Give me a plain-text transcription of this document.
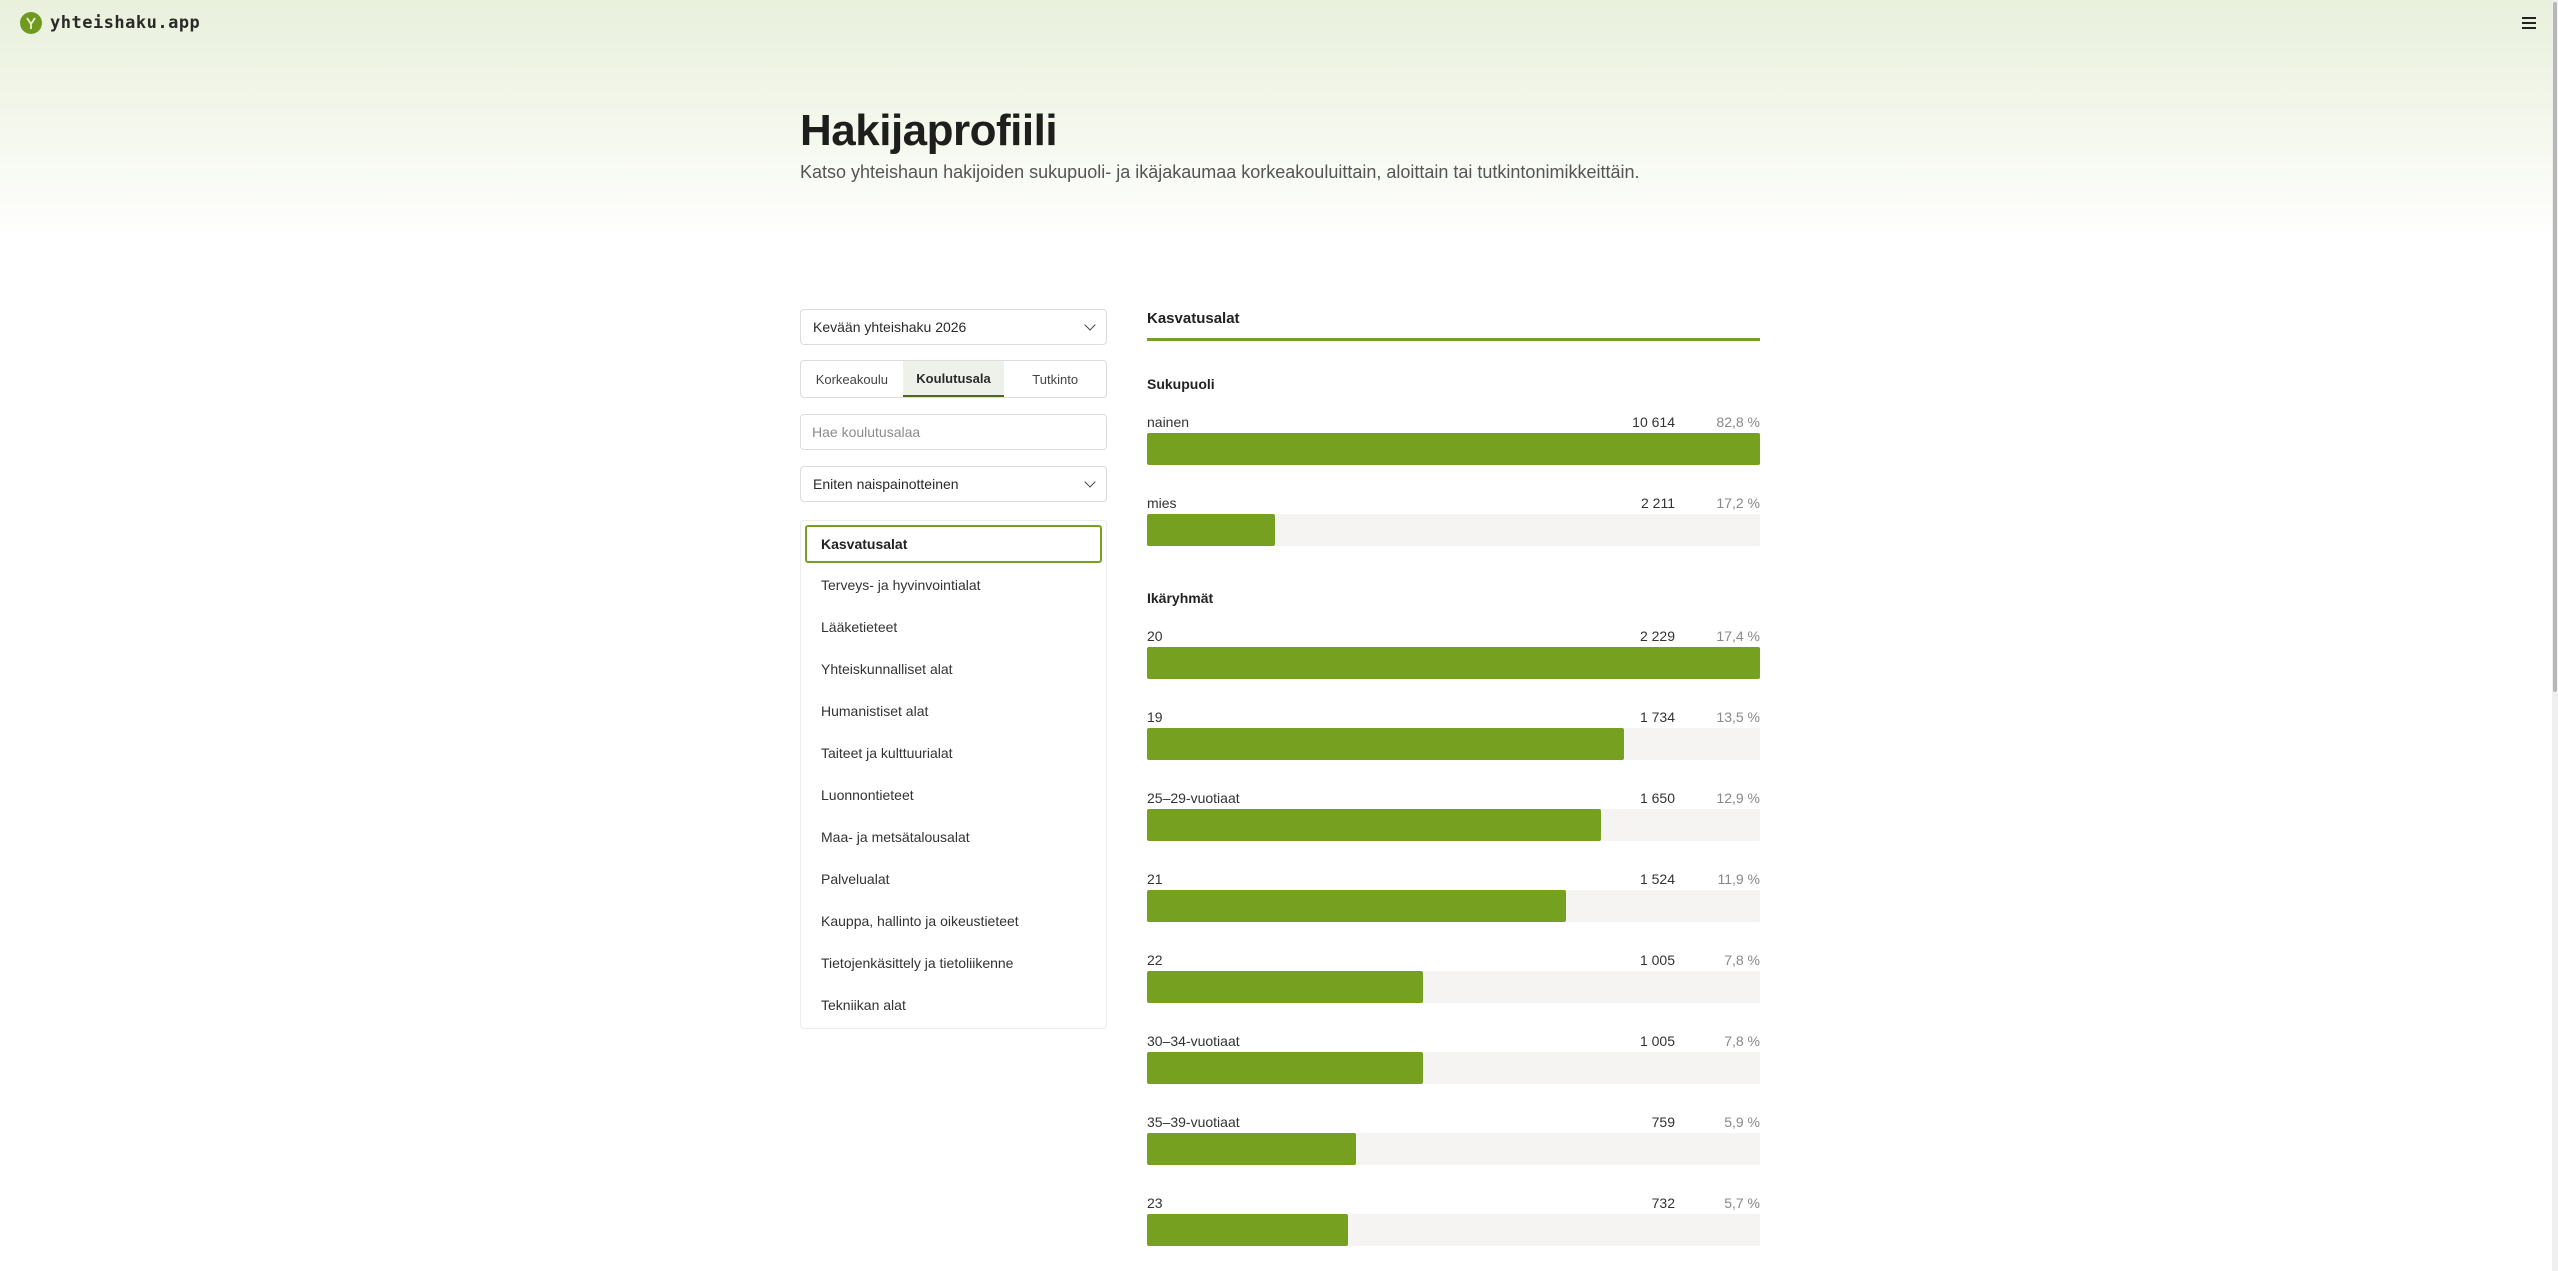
yhteishaku.app
Hakijaprofiili

Katso yhteishaun hakijoiden sukupuoli- ja ikäjakaumaa korkeakouluittain, aloittain tai tutkintonimikkeittäin.

Kevään yhteishaku 2026
Korkeakoulu	Koulutusala	Tutkinto
Hae koulutusalaa
Eniten naispainotteinen
Kasvatusalat
Terveys- ja hyvinvointialat
Lääketieteet
Yhteiskunnalliset alat
Humanistiset alat
Taiteet ja kulttuurialat
Luonnontieteet
Maa- ja metsätalousalat
Palvelualat
Kauppa, hallinto ja oikeustieteet
Tietojenkäsittely ja tietoliikenne
Tekniikan alat
Kasvatusalat
Sukupuoli
Ikäryhmät
nainen	10 614	82,8 %
mies	2 211	17,2 %
20	2 229	17,4 %
19	1 734	13,5 %
25–29-vuotiaat	1 650	12,9 %
21	1 524	11,9 %
22	1 005	7,8 %
30–34-vuotiaat	1 005	7,8 %
35–39-vuotiaat	759	5,9 %
23	732	5,7 %
